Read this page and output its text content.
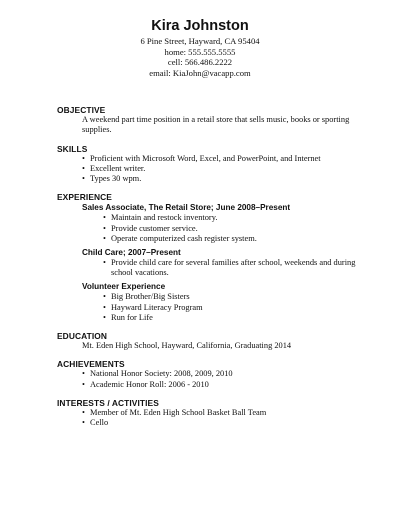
Kira Johnston
6 Pine Street, Hayward, CA 95404
home: 555.555.5555
cell: 566.486.2222
email: KiaJohn@vacapp.com
OBJECTIVE
A weekend part time position in a retail store that sells music, books or sporting supplies.
SKILLS
• Proficient with Microsoft Word, Excel, and PowerPoint, and Internet
• Excellent writer.
• Types 30 wpm.
EXPERIENCE
Sales Associate, The Retail Store; June 2008–Present
• Maintain and restock inventory.
• Provide customer service.
• Operate computerized cash register system.
Child Care; 2007–Present
• Provide child care for several families after school, weekends and during school vacations.
Volunteer Experience
• Big Brother/Big Sisters
• Hayward Literacy Program
• Run for Life
EDUCATION
Mt. Eden High School, Hayward, California, Graduating 2014
ACHIEVEMENTS
• National Honor Society: 2008, 2009, 2010
• Academic Honor Roll: 2006 - 2010
INTERESTS / ACTIVITIES
• Member of Mt. Eden High School Basket Ball Team
• Cello
